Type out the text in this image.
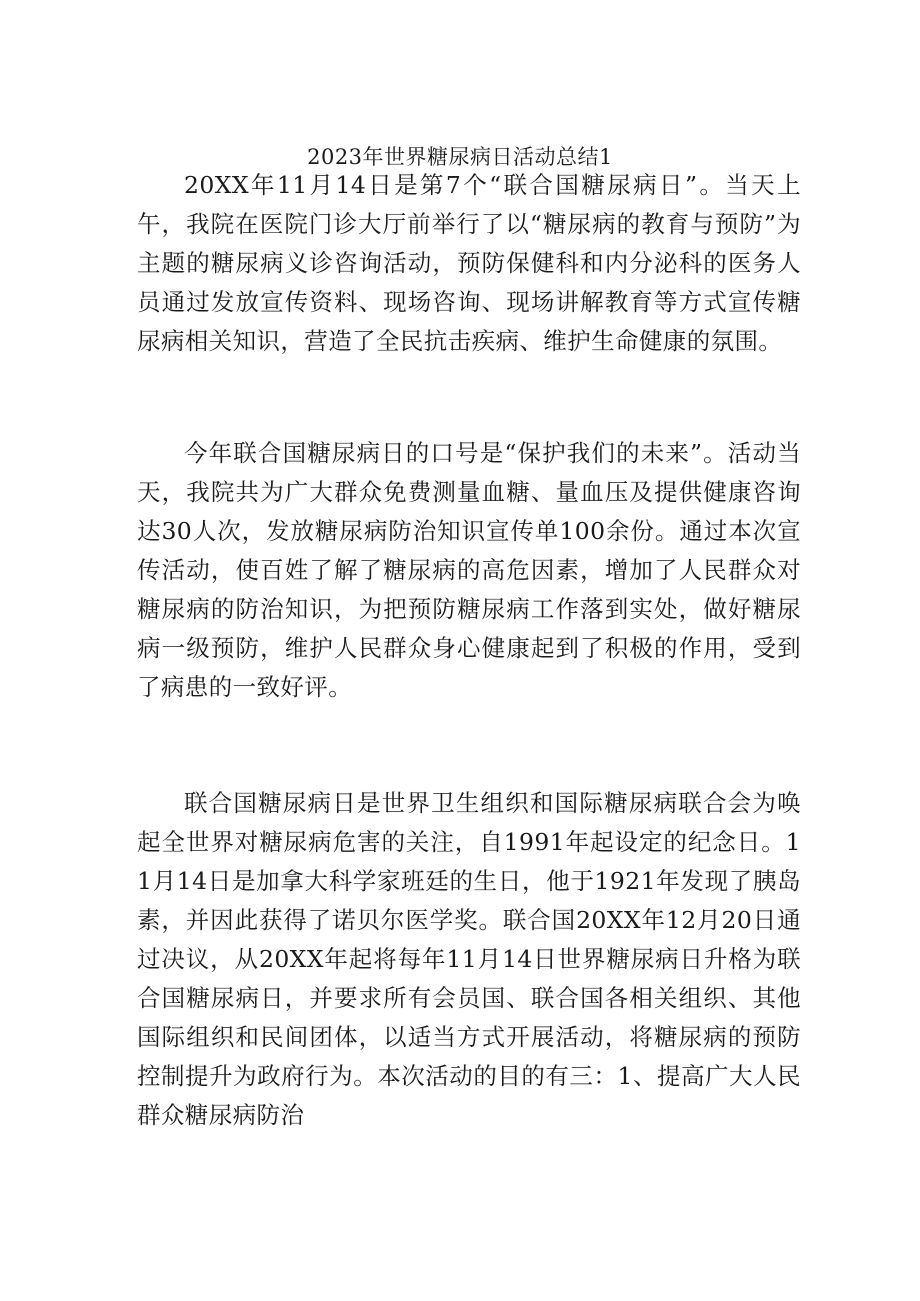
2023年世界糖尿病日活动总结1

20XX年11月14日是第7个“联合国糖尿病日”。当天上午，我院在医院门诊大厅前举行了以“糖尿病的教育与预防”为主题的糖尿病义诊咨询活动，预防保健科和内分泌科的医务人员通过发放宣传资料、现场咨询、现场讲解教育等方式宣传糖尿病相关知识，营造了全民抗击疾病、维护生命健康的氛围。

今年联合国糖尿病日的口号是“保护我们的未来”。活动当天，我院共为广大群众免费测量血糖、量血压及提供健康咨询达30人次，发放糖尿病防治知识宣传单100余份。通过本次宣传活动，使百姓了解了糖尿病的高危因素，增加了人民群众对糖尿病的防治知识，为把预防糖尿病工作落到实处，做好糖尿病一级预防，维护人民群众身心健康起到了积极的作用，受到了病患的一致好评。

联合国糖尿病日是世界卫生组织和国际糖尿病联合会为唤起全世界对糖尿病危害的关注，自1991年起设定的纪念日。11月14日是加拿大科学家班廷的生日，他于1921年发现了胰岛素，并因此获得了诺贝尔医学奖。联合国20XX年12月20日通过决议，从20XX年起将每年11月14日世界糖尿病日升格为联合国糖尿病日，并要求所有会员国、联合国各相关组织、其他国际组织和民间团体，以适当方式开展活动，将糖尿病的预防控制提升为政府行为。本次活动的目的有三：1、提高广大人民群众糖尿病防治
